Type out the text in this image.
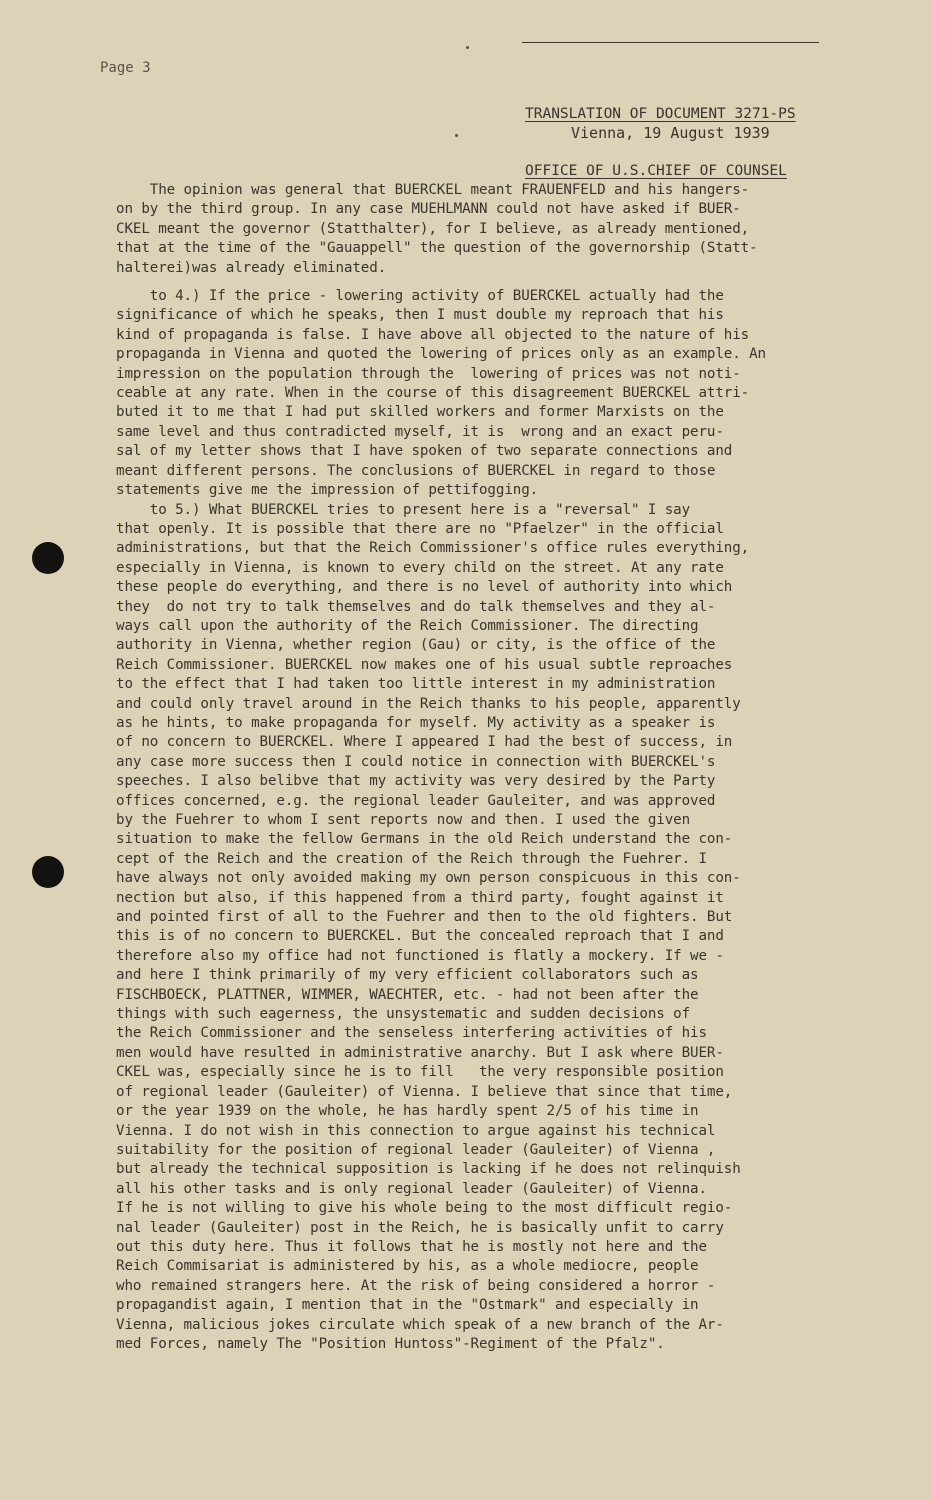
Page 3

TRANSLATION OF DOCUMENT 3271-PS

OFFICE OF U.S.CHIEF OF COUNSEL

Vienna, 19 August 1939
The opinion was general that BUERCKEL meant FRAUENFELD and his hangers-
on by the third group. In any case MUEHLMANN could not have asked if BUER-
CKEL meant the governor (Statthalter), for I believe, as already mentioned,
that at the time of the "Gauappell" the question of the governorship (Statt-
halterei)was already eliminated.
to 4.) If the price - lowering activity of BUERCKEL actually had the
significance of which he speaks, then I must double my reproach that his
kind of propaganda is false. I have above all objected to the nature of his
propaganda in Vienna and quoted the lowering of prices only as an example. An
impression on the population through the  lowering of prices was not noti-
ceable at any rate. When in the course of this disagreement BUERCKEL attri-
buted it to me that I had put skilled workers and former Marxists on the
same level and thus contradicted myself, it is  wrong and an exact peru-
sal of my letter shows that I have spoken of two separate connections and
meant different persons. The conclusions of BUERCKEL in regard to those
statements give me the impression of pettifogging.
to 5.) What BUERCKEL tries to present here is a "reversal" I say
that openly. It is possible that there are no "Pfaelzer" in the official
administrations, but that the Reich Commissioner's office rules everything,
especially in Vienna, is known to every child on the street. At any rate
these people do everything, and there is no level of authority into which
they  do not try to talk themselves and do talk themselves and they al-
ways call upon the authority of the Reich Commissioner. The directing
authority in Vienna, whether region (Gau) or city, is the office of the
Reich Commissioner. BUERCKEL now makes one of his usual subtle reproaches
to the effect that I had taken too little interest in my administration
and could only travel around in the Reich thanks to his people, apparently
as he hints, to make propaganda for myself. My activity as a speaker is
of no concern to BUERCKEL. Where I appeared I had the best of success, in
any case more success then I could notice in connection with BUERCKEL's
speeches. I also belibve that my activity was very desired by the Party
offices concerned, e.g. the regional leader Gauleiter, and was approved
by the Fuehrer to whom I sent reports now and then. I used the given
situation to make the fellow Germans in the old Reich understand the con-
cept of the Reich and the creation of the Reich through the Fuehrer. I
have always not only avoided making my own person conspicuous in this con-
nection but also, if this happened from a third party, fought against it
and pointed first of all to the Fuehrer and then to the old fighters. But
this is of no concern to BUERCKEL. But the concealed reproach that I and
therefore also my office had not functioned is flatly a mockery. If we -
and here I think primarily of my very efficient collaborators such as
FISCHBOECK, PLATTNER, WIMMER, WAECHTER, etc. - had not been after the
things with such eagerness, the unsystematic and sudden decisions of
the Reich Commissioner and the senseless interfering activities of his
men would have resulted in administrative anarchy. But I ask where BUER-
CKEL was, especially since he is to fill   the very responsible position
of regional leader (Gauleiter) of Vienna. I believe that since that time,
or the year 1939 on the whole, he has hardly spent 2/5 of his time in
Vienna. I do not wish in this connection to argue against his technical
suitability for the position of regional leader (Gauleiter) of Vienna ,
but already the technical supposition is lacking if he does not relinquish
all his other tasks and is only regional leader (Gauleiter) of Vienna.
If he is not willing to give his whole being to the most difficult regio-
nal leader (Gauleiter) post in the Reich, he is basically unfit to carry
out this duty here. Thus it follows that he is mostly not here and the
Reich Commisariat is administered by his, as a whole mediocre, people
who remained strangers here. At the risk of being considered a horror -
propagandist again, I mention that in the "Ostmark" and especially in
Vienna, malicious jokes circulate which speak of a new branch of the Ar-
med Forces, namely The "Position Huntoss"-Regiment of the Pfalz".
